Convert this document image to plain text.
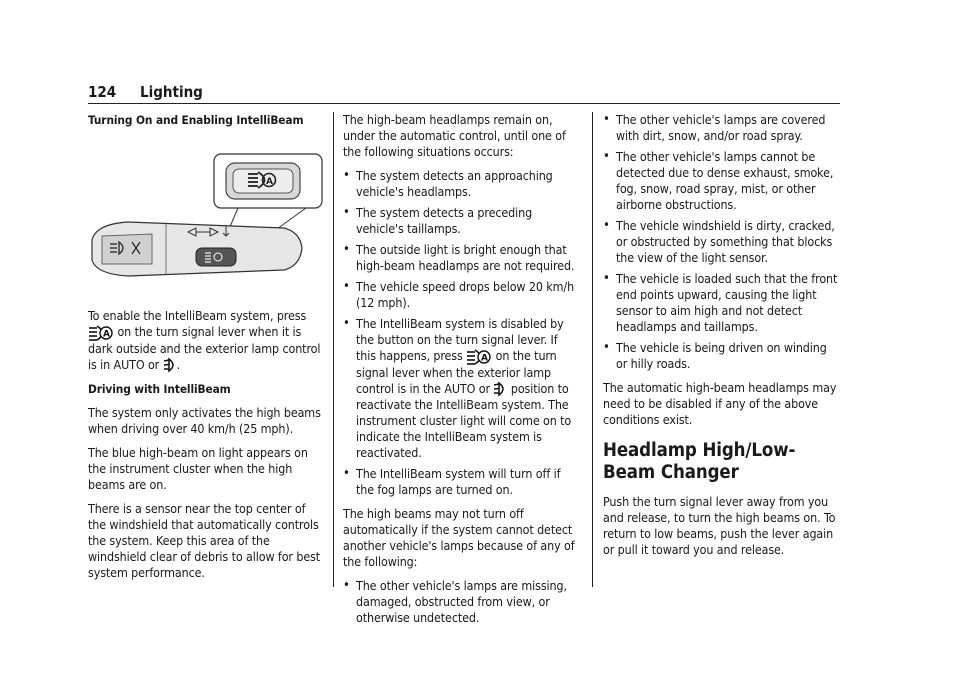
124 Lighting
Turning On and Enabling IntelliBeam
A

To enable the IntelliBeam system, press
A on the turn signal lever when it is dark outside and the exterior lamp control is in AUTO or .

Driving with IntelliBeam

The system only activates the high beams when driving over 40 km/h (25 mph).

The blue high-beam on light appears on the instrument cluster when the high beams are on.

There is a sensor near the top center of the windshield that automatically controls the system. Keep this area of the windshield clear of debris to allow for best system performance.

The high-beam headlamps remain on, under the automatic control, until one of the following situations occurs:

• The system detects an approaching vehicle's headlamps.
• The system detects a preceding vehicle's taillamps.
• The outside light is bright enough that high-beam headlamps are not required.
• The vehicle speed drops below 20 km/h (12 mph).
• The IntelliBeam system is disabled by the button on the turn signal lever. If this happens, press A on the turn signal lever when the exterior lamp control is in the AUTO or position to reactivate the IntelliBeam system. The instrument cluster light will come on to indicate the IntelliBeam system is reactivated.
• The IntelliBeam system will turn off if the fog lamps are turned on.

The high beams may not turn off automatically if the system cannot detect another vehicle's lamps because of any of the following:

• The other vehicle's lamps are missing, damaged, obstructed from view, or otherwise undetected.
• The other vehicle's lamps are covered with dirt, snow, and/or road spray.
• The other vehicle's lamps cannot be detected due to dense exhaust, smoke, fog, snow, road spray, mist, or other airborne obstructions.
• The vehicle windshield is dirty, cracked, or obstructed by something that blocks the view of the light sensor.
• The vehicle is loaded such that the front end points upward, causing the light sensor to aim high and not detect headlamps and taillamps.
• The vehicle is being driven on winding or hilly roads.

The automatic high-beam headlamps may need to be disabled if any of the above conditions exist.

Headlamp High/Low-Beam Changer

Push the turn signal lever away from you and release, to turn the high beams on. To return to low beams, push the lever again or pull it toward you and release.
